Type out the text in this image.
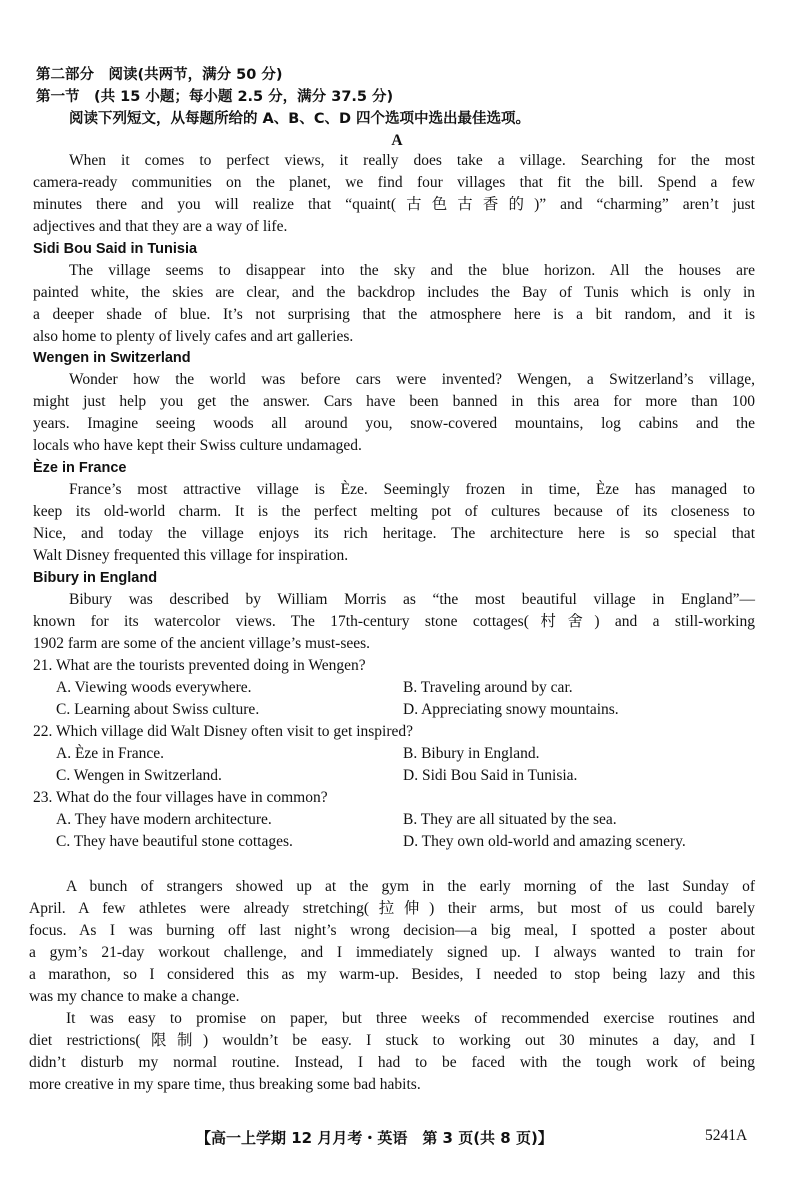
第二部分　阅读(共两节，满分 50 分)
第一节　(共 15 小题；每小题 2.5 分，满分 37.5 分)
阅读下列短文，从每题所给的 A、B、C、D 四个选项中选出最佳选项。
A
When it comes to perfect views, it really does take a village. Searching for the most
camera-ready communities on the planet, we find four villages that fit the bill. Spend a few
minutes there and you will realize that “quaint(古色古香的)” and “charming” aren’t just
adjectives and that they are a way of life.
Sidi Bou Said in Tunisia
The village seems to disappear into the sky and the blue horizon. All the houses are
painted white, the skies are clear, and the backdrop includes the Bay of Tunis which is only in
a deeper shade of blue. It’s not surprising that the atmosphere here is a bit random, and it is
also home to plenty of lively cafes and art galleries.
Wengen in Switzerland
Wonder how the world was before cars were invented? Wengen, a Switzerland’s village,
might just help you get the answer. Cars have been banned in this area for more than 100
years. Imagine seeing woods all around you, snow-covered mountains, log cabins and the
locals who have kept their Swiss culture undamaged.
Èze in France
France’s most attractive village is Èze. Seemingly frozen in time, Èze has managed to
keep its old-world charm. It is the perfect melting pot of cultures because of its closeness to
Nice, and today the village enjoys its rich heritage. The architecture here is so special that
Walt Disney frequented this village for inspiration.
Bibury in England
Bibury was described by William Morris as “the most beautiful village in England”—
known for its watercolor views. The 17th-century stone cottages(村舍) and a still-working
1902 farm are some of the ancient village’s must-sees.
21. What are the tourists prevented doing in Wengen?
A. Viewing woods everywhere.	B. Traveling around by car.
C. Learning about Swiss culture.	D. Appreciating snowy mountains.
22. Which village did Walt Disney often visit to get inspired?
A. Èze in France.	B. Bibury in England.
C. Wengen in Switzerland.	D. Sidi Bou Said in Tunisia.
23. What do the four villages have in common?
A. They have modern architecture.	B. They are all situated by the sea.
C. They have beautiful stone cottages.	D. They own old-world and amazing scenery.
A bunch of strangers showed up at the gym in the early morning of the last Sunday of
April. A few athletes were already stretching(拉伸) their arms, but most of us could barely
focus. As I was burning off last night’s wrong decision—a big meal, I spotted a poster about
a gym’s 21-day workout challenge, and I immediately signed up. I always wanted to train for
a marathon, so I considered this as my warm-up. Besides, I needed to stop being lazy and this
was my chance to make a change.
It was easy to promise on paper, but three weeks of recommended exercise routines and
diet restrictions(限制) wouldn’t be easy. I stuck to working out 30 minutes a day, and I
didn’t disturb my normal routine. Instead, I had to be faced with the tough work of being
more creative in my spare time, thus breaking some bad habits.
【高一上学期 12 月月考・英语　第 3 页(共 8 页)】	5241A
